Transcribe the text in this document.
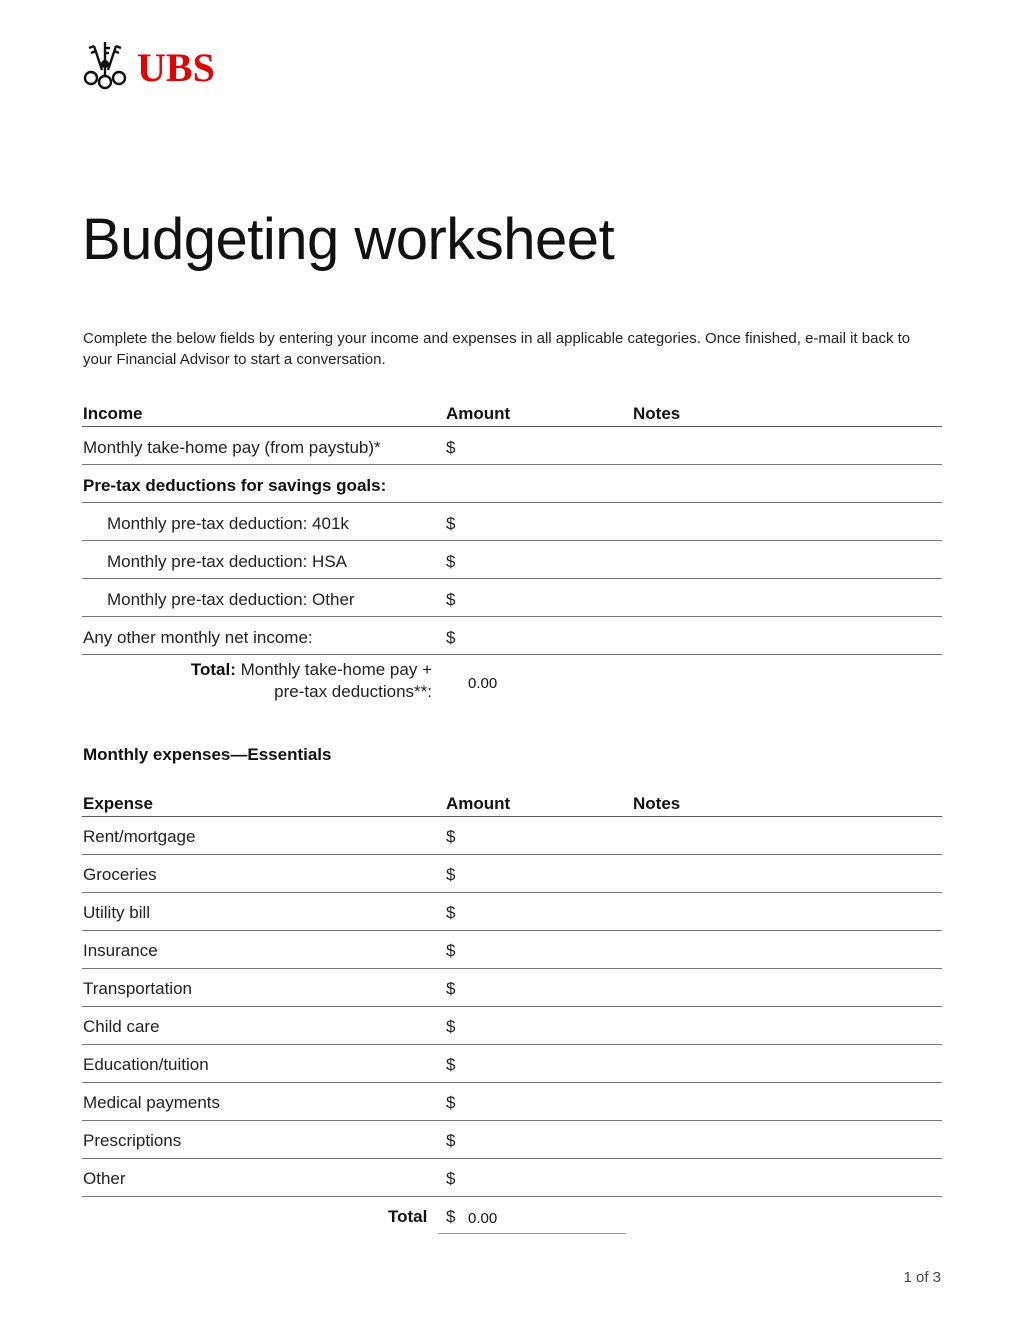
UBS
Budgeting worksheet
Complete the below fields by entering your income and expenses in all applicable categories. Once finished, e-mail it back to your Financial Advisor to start a conversation.
Income	Amount	Notes
Monthly take-home pay (from paystub)*	$
Pre-tax deductions for savings goals:
Monthly pre-tax deduction: 401k	$
Monthly pre-tax deduction: HSA	$
Monthly pre-tax deduction: Other	$
Any other monthly net income:	$
Total: Monthly take-home pay +
pre-tax deductions**: 0.00
Monthly expenses—Essentials
Expense	Amount	Notes
Rent/mortgage	$
Groceries	$
Utility bill	$
Insurance	$
Transportation	$
Child care	$
Education/tuition	$
Medical payments	$
Prescriptions	$
Other	$
Total $ 0.00
1 of 3
